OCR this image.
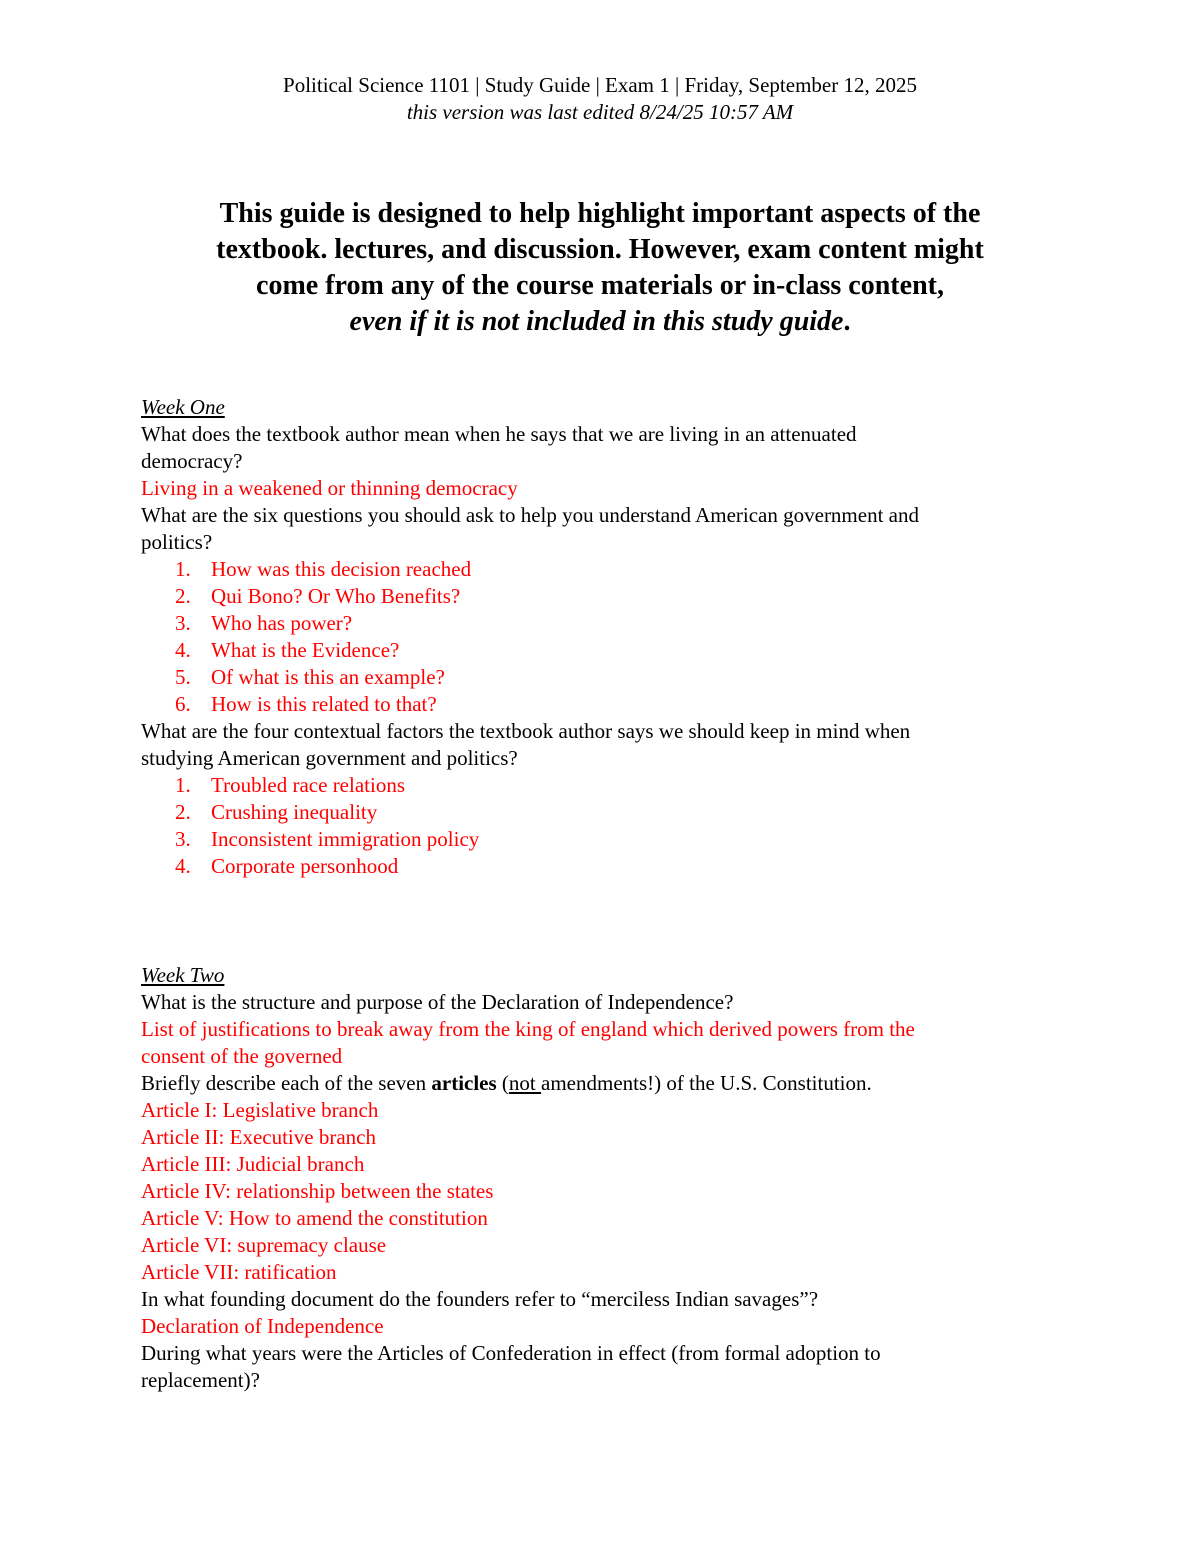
Political Science 1101 | Study Guide | Exam 1 | Friday, September 12, 2025
this version was last edited 8/24/25 10:57 AM
This guide is designed to help highlight important aspects of the
textbook. lectures, and discussion. However, exam content might
come from any of the course materials or in-class content,
even if it is not included in this study guide.
Week One
What does the textbook author mean when he says that we are living in an attenuated
democracy?
Living in a weakened or thinning democracy
What are the six questions you should ask to help you understand American government and
politics?
1. How was this decision reached
2. Qui Bono? Or Who Benefits?
3. Who has power?
4. What is the Evidence?
5. Of what is this an example?
6. How is this related to that?
What are the four contextual factors the textbook author says we should keep in mind when
studying American government and politics?
1. Troubled race relations
2. Crushing inequality
3. Inconsistent immigration policy
4. Corporate personhood
Week Two
What is the structure and purpose of the Declaration of Independence?
List of justifications to break away from the king of england which derived powers from the
consent of the governed
Briefly describe each of the seven articles (not amendments!) of the U.S. Constitution.
Article I: Legislative branch
Article II: Executive branch
Article III: Judicial branch
Article IV: relationship between the states
Article V: How to amend the constitution
Article VI: supremacy clause
Article VII: ratification
In what founding document do the founders refer to “merciless Indian savages”?
Declaration of Independence
During what years were the Articles of Confederation in effect (from formal adoption to
replacement)?
